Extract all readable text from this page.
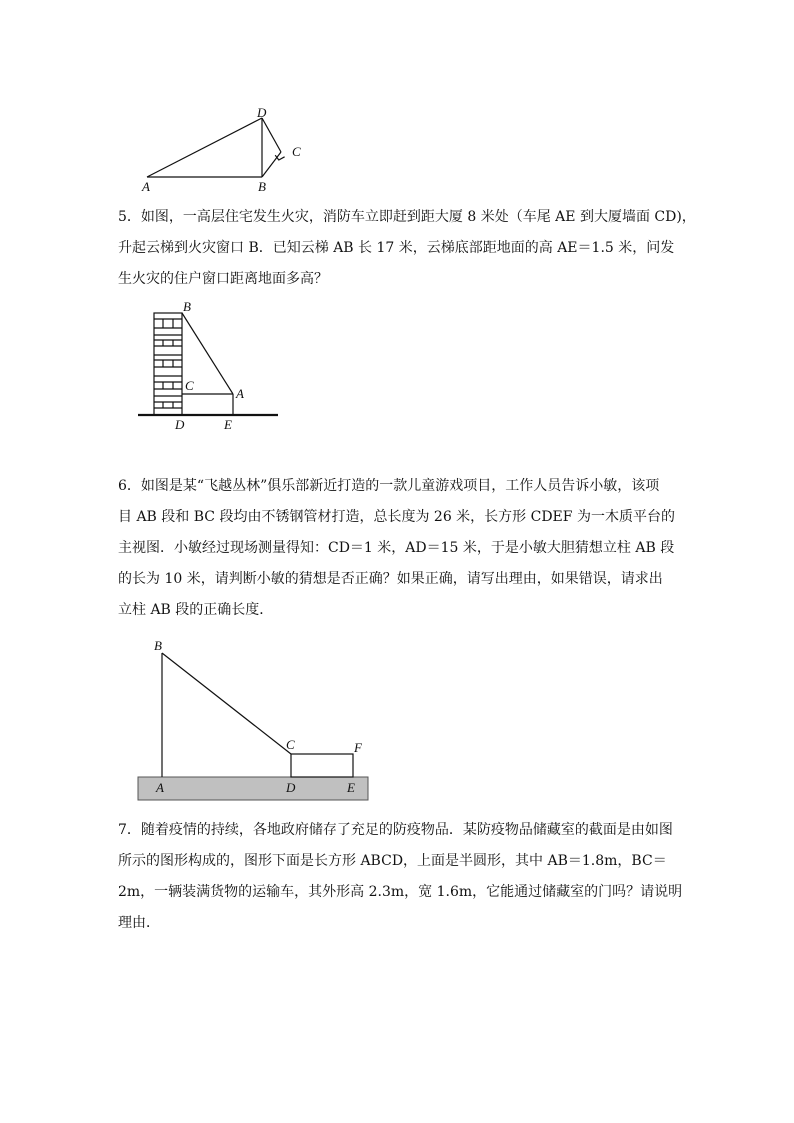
D
C
A	B

5．如图，一高层住宅发生火灾，消防车立即赶到距大厦 8 米处（车尾 AE 到大厦墙面 CD)，

升起云梯到火灾窗口 B．已知云梯 AB 长 17 米，云梯底部距地面的高 AE＝1.5 米，问发

生火灾的住户窗口距离地面多高？

B
C
A
D	E

6．如图是某“飞越丛林”俱乐部新近打造的一款儿童游戏项目，工作人员告诉小敏，该项

目 AB 段和 BC 段均由不锈钢管材打造，总长度为 26 米，长方形 CDEF 为一木质平台的

主视图．小敏经过现场测量得知：CD＝1 米，AD＝15 米，于是小敏大胆猜想立柱 AB 段

的长为 10 米，请判断小敏的猜想是否正确？如果正确，请写出理由，如果错误，请求出

立柱 AB 段的正确长度．

B
C	F
A	D	E

7．随着疫情的持续，各地政府储存了充足的防疫物品．某防疫物品储藏室的截面是由如图

所示的图形构成的，图形下面是长方形 ABCD，上面是半圆形，其中 AB＝1.8m，BC＝

2m，一辆装满货物的运输车，其外形高 2.3m，宽 1.6m，它能通过储藏室的门吗？请说明

理由．
